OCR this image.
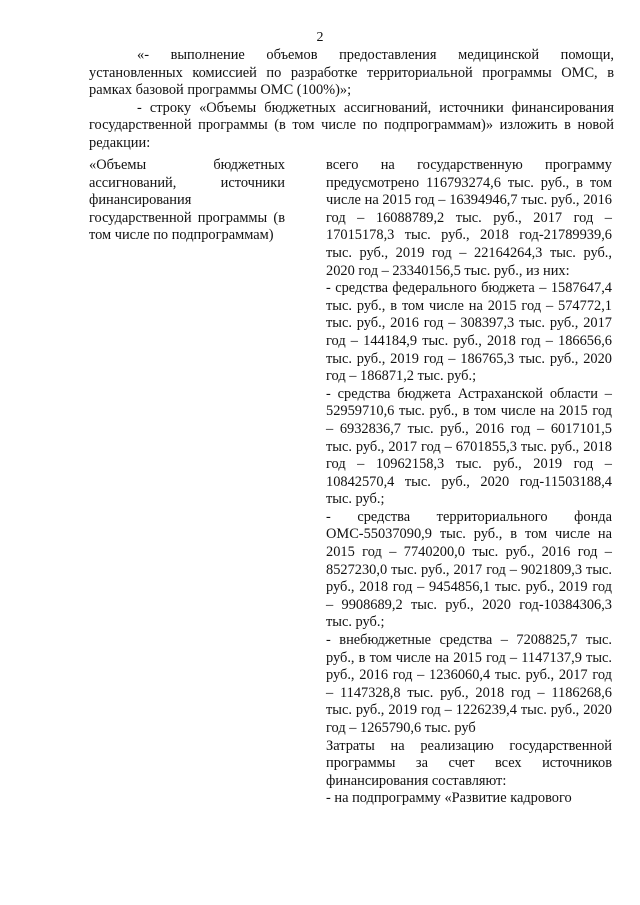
2

«- выполнение объемов предоставления медицинской помощи, установленных комиссией по разработке территориальной программы ОМС, в рамках базовой программы ОМС (100%)»;

- строку «Объемы бюджетных ассигнований, источники финансирования государственной программы (в том числе по подпрограммам)» изложить в новой редакции:

«Объемы бюджетных ассигнований, источники финансирования государственной программы (в том числе по подпрограммам)

всего на государственную программу предусмотрено 116793274,6 тыс. руб., в том числе на 2015 год – 16394946,7 тыс. руб., 2016 год – 16088789,2 тыс. руб., 2017 год – 17015178,3 тыс. руб., 2018 год-21789939,6 тыс. руб., 2019 год – 22164264,3 тыс. руб., 2020 год – 23340156,5 тыс. руб., из них:

- средства федерального бюджета – 1587647,4 тыс. руб., в том числе на 2015 год – 574772,1 тыс. руб., 2016 год – 308397,3 тыс. руб., 2017 год – 144184,9 тыс. руб., 2018 год – 186656,6 тыс. руб., 2019 год – 186765,3 тыс. руб., 2020 год – 186871,2 тыс. руб.;

- средства бюджета Астраханской области – 52959710,6 тыс. руб., в том числе на 2015 год – 6932836,7 тыс. руб., 2016 год – 6017101,5 тыс. руб., 2017 год – 6701855,3 тыс. руб., 2018 год – 10962158,3 тыс. руб., 2019 год – 10842570,4 тыс. руб., 2020 год-11503188,4 тыс. руб.;

- средства территориального фонда ОМС-55037090,9 тыс. руб., в том числе на 2015 год – 7740200,0 тыс. руб., 2016 год – 8527230,0 тыс. руб., 2017 год – 9021809,3 тыс. руб., 2018 год – 9454856,1 тыс. руб., 2019 год – 9908689,2 тыс. руб., 2020 год-10384306,3 тыс. руб.;

- внебюджетные средства – 7208825,7 тыс. руб., в том числе на 2015 год – 1147137,9 тыс. руб., 2016 год – 1236060,4 тыс. руб., 2017 год – 1147328,8 тыс. руб., 2018 год – 1186268,6 тыс. руб., 2019 год – 1226239,4 тыс. руб., 2020 год – 1265790,6 тыс. руб

Затраты на реализацию государственной программы за счет всех источников финансирования составляют:

- на подпрограмму «Развитие кадрового
